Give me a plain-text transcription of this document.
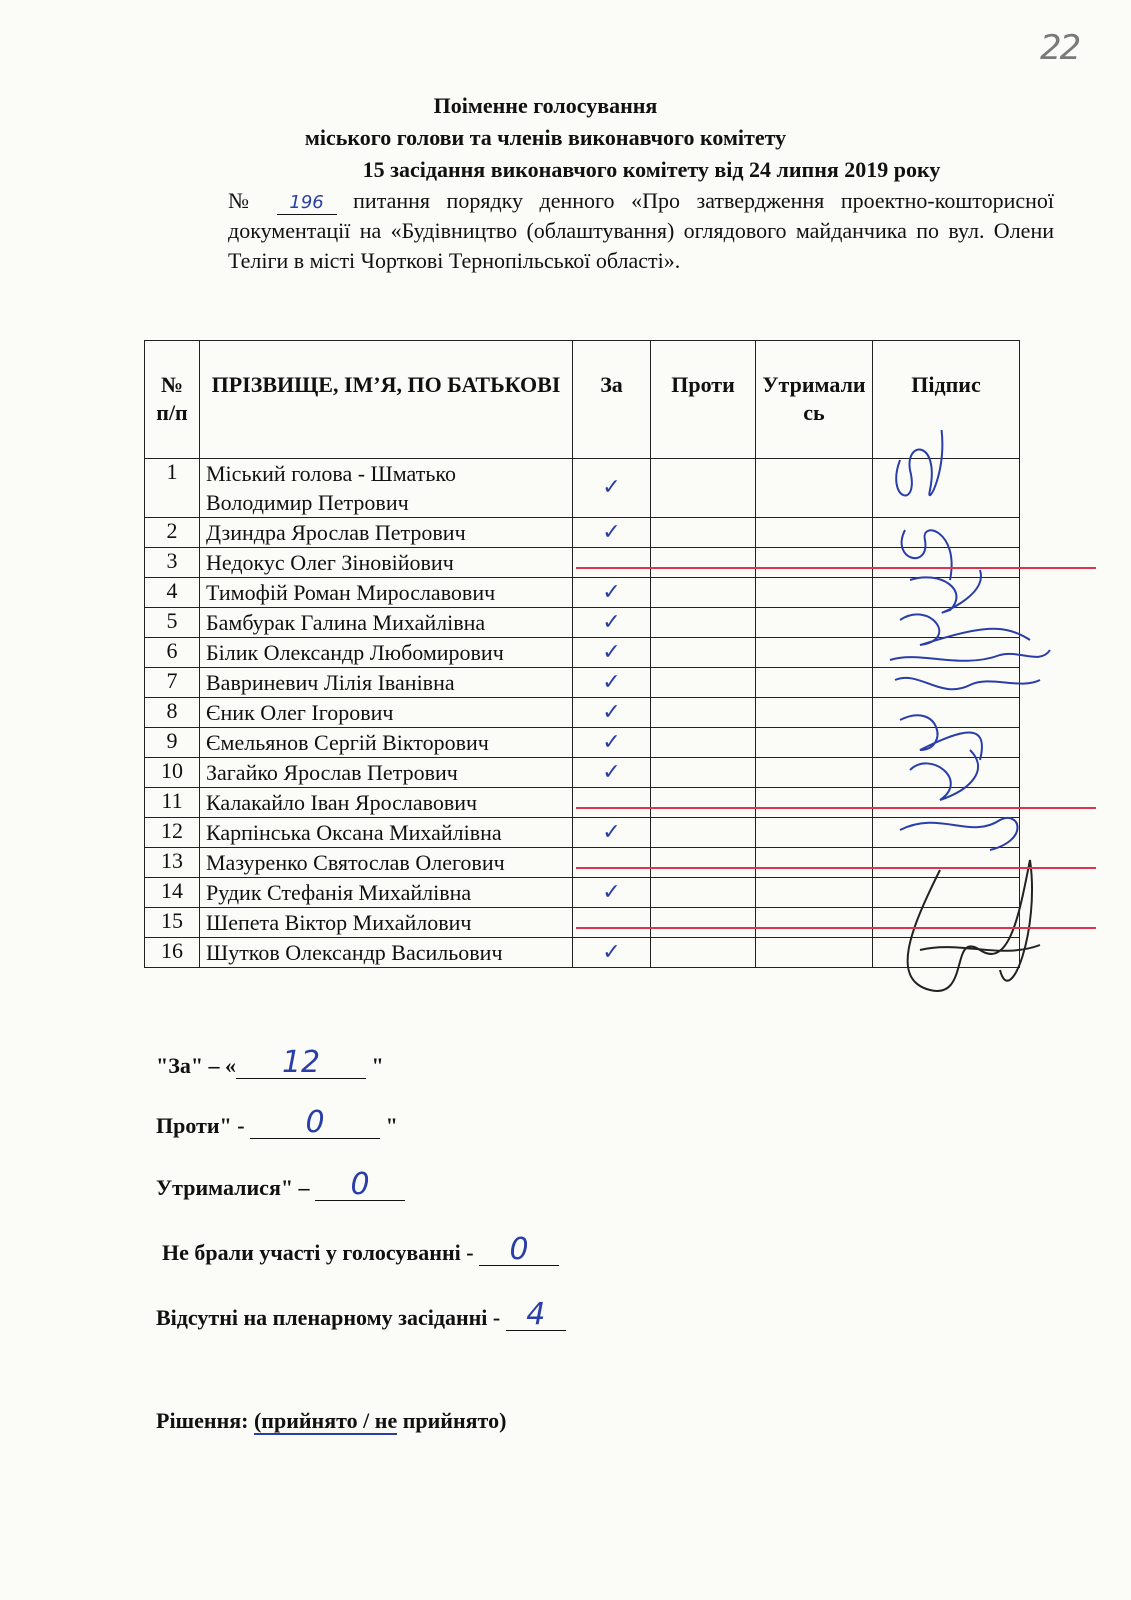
22
Поіменне голосування
міського голови та членів виконавчого комітету
15 засідання виконавчого комітету від 24 липня 2019 року
№ 196 питання порядку денного «Про затвердження проектно-кошторисної документації на «Будівництво (облаштування) оглядового майданчика по вул. Олени Теліги в місті Чорткові Тернопільської області».
№ п/п	ПРІЗВИЩЕ, ІМ’Я, ПО БАТЬКОВІ	За	Проти	Утримались	Підпис
1	Міський голова - Шматько Володимир Петрович	✓			

2	Дзиндра Ярослав Петрович	✓			

3	Недокус Олег Зіновійович				
4	Тимофій Роман Мирославович	✓			

5	Бамбурак Галина Михайлівна	✓			

6	Білик Олександр Любомирович	✓			

7	Вавриневич Лілія Іванівна	✓			

8	Єник Олег Ігорович	✓			

9	Ємельянов Сергій Вікторович	✓			

10	Загайко Ярослав Петрович	✓			

11	Калакайло Іван Ярославович				
12	Карпінська Оксана Михайлівна	✓			

13	Мазуренко Святослав Олегович				
14	Рудик Стефанія Михайлівна	✓			

15	Шепета Віктор Михайлович				
16	Шутков Олександр Васильович	✓			

"За" – « 12 "
Проти" - 0	"
Утрималися" – 0
Не брали участі у голосуванні - 0
Відсутні на пленарному засіданні - 4
Рішення: (прийнято / не прийнято)
